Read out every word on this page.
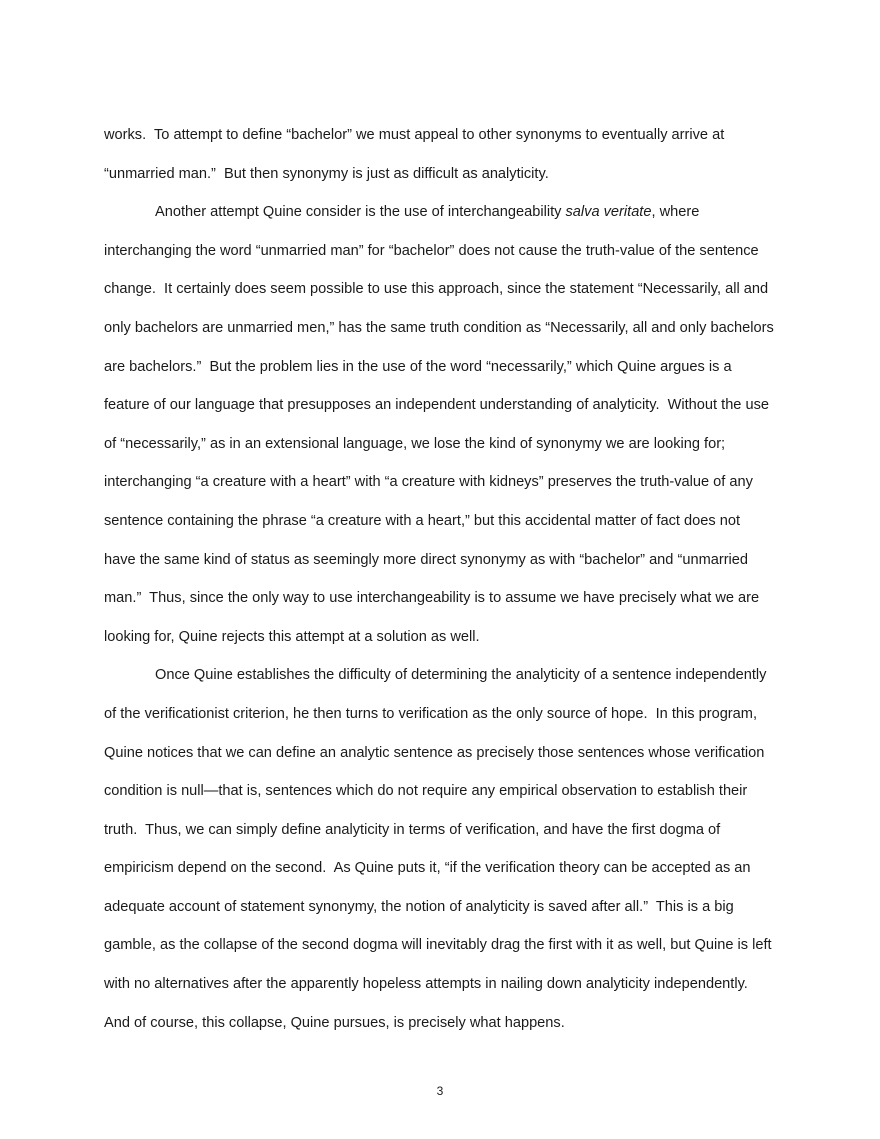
works.  To attempt to define “bachelor” we must appeal to other synonyms to eventually arrive at
“unmarried man.”  But then synonymy is just as difficult as analyticity.
Another attempt Quine consider is the use of interchangeability salva veritate, where
interchanging the word “unmarried man” for “bachelor” does not cause the truth-value of the sentence
change.  It certainly does seem possible to use this approach, since the statement “Necessarily, all and
only bachelors are unmarried men,” has the same truth condition as “Necessarily, all and only bachelors
are bachelors.”  But the problem lies in the use of the word “necessarily,” which Quine argues is a
feature of our language that presupposes an independent understanding of analyticity.  Without the use
of “necessarily,” as in an extensional language, we lose the kind of synonymy we are looking for;
interchanging “a creature with a heart” with “a creature with kidneys” preserves the truth-value of any
sentence containing the phrase “a creature with a heart,” but this accidental matter of fact does not
have the same kind of status as seemingly more direct synonymy as with “bachelor” and “unmarried
man.”  Thus, since the only way to use interchangeability is to assume we have precisely what we are
looking for, Quine rejects this attempt at a solution as well.
Once Quine establishes the difficulty of determining the analyticity of a sentence independently
of the verificationist criterion, he then turns to verification as the only source of hope.  In this program,
Quine notices that we can define an analytic sentence as precisely those sentences whose verification
condition is null—that is, sentences which do not require any empirical observation to establish their
truth.  Thus, we can simply define analyticity in terms of verification, and have the first dogma of
empiricism depend on the second.  As Quine puts it, “if the verification theory can be accepted as an
adequate account of statement synonymy, the notion of analyticity is saved after all.”  This is a big
gamble, as the collapse of the second dogma will inevitably drag the first with it as well, but Quine is left
with no alternatives after the apparently hopeless attempts in nailing down analyticity independently.
And of course, this collapse, Quine pursues, is precisely what happens.
3
